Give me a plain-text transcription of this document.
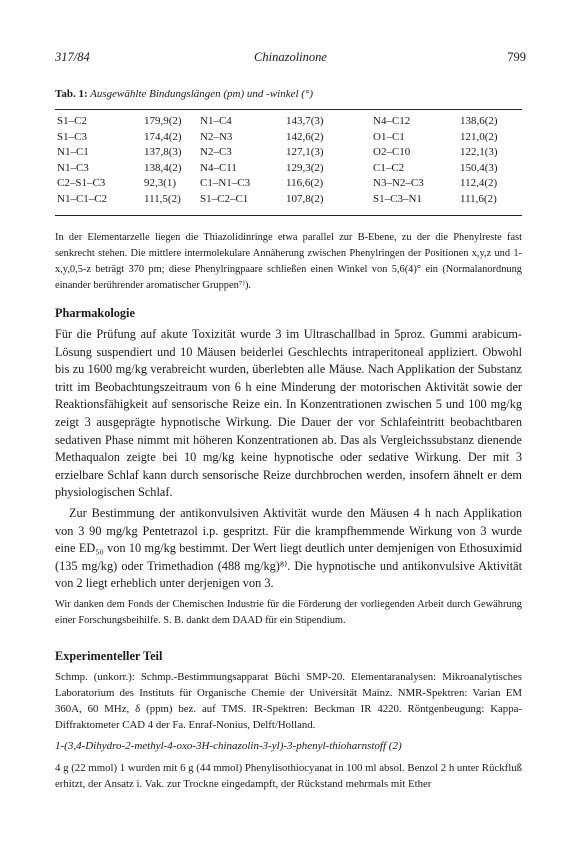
317/84	Chinazolinone	799
Tab. 1: Ausgewählte Bindungslängen (pm) und -winkel (°)
S1–C2	179,9(2) N1–C4	143,7(3)	N4–C12	138,6(2)
S1–C3	174,4(2) N2–N3	142,6(2)	O1–C1	121,0(2)
N1–C1	137,8(3) N2–C3	127,1(3)	O2–C10	122,1(3)
N1–C3	138,4(2) N4–C11	129,3(2)	C1–C2	150,4(3)
C2–S1–C3	92,3(1) C1–N1–C3	116,6(2)	N3–N2–C3	112,4(2)
N1–C1–C2	111,5(2) S1–C2–C1	107,8(2)	S1–C3–N1	111,6(2)

In der Elementarzelle liegen die Thiazolidinringe etwa parallel zur B-Ebene, zu der die Phenylreste fast senkrecht stehen. Die mittlere intermolekulare Annäherung zwischen Phenylringen der Positionen x,y,z und 1-x,y,0,5-z beträgt 370 pm; diese Phenylringpaare schließen einen Winkel von 5,6(4)° ein (Normalanordnung einander berührender aromatischer Gruppen⁷⁾).

Pharmakologie

Für die Prüfung auf akute Toxizität wurde 3 im Ultraschallbad in 5proz. Gummi arabicum-Lösung suspendiert und 10 Mäusen beiderlei Geschlechts intraperitoneal appliziert. Obwohl bis zu 1600 mg/kg verabreicht wurden, überlebten alle Mäuse. Nach Applikation der Substanz tritt im Beobachtungszeitraum von 6 h eine Minderung der motorischen Aktivität sowie der Reaktionsfähigkeit auf sensorische Reize ein. In Konzentrationen zwischen 5 und 100 mg/kg zeigt 3 ausgeprägte hypnotische Wirkung. Die Dauer der vor Schlafeintritt beobachtbaren sedativen Phase nimmt mit höheren Konzentrationen ab. Das als Vergleichssubstanz dienende Methaqualon zeigte bei 10 mg/kg keine hypnotische oder sedative Wirkung. Der mit 3 erzielbare Schlaf kann durch sensorische Reize durchbrochen werden, insofern ähnelt er dem physiologischen Schlaf.

Zur Bestimmung der antikonvulsiven Aktivität wurde den Mäusen 4 h nach Applikation von 3 90 mg/kg Pentetrazol i.p. gespritzt. Für die krampfhemmende Wirkung von 3 wurde eine ED₅₀ von 10 mg/kg bestimmt. Der Wert liegt deutlich unter demjenigen von Ethosuximid (135 mg/kg) oder Trimethadion (488 mg/kg)⁸⁾. Die hypnotische und antikonvulsive Aktivität von 2 liegt erheblich unter derjenigen von 3.

Wir danken dem Fonds der Chemischen Industrie für die Förderung der vorliegenden Arbeit durch Gewährung einer Forschungsbeihilfe. S. B. dankt dem DAAD für ein Stipendium.

Experimenteller Teil

Schmp. (unkorr.): Schmp.-Bestimmungsapparat Büchi SMP-20. Elementaranalysen: Mikroanalytisches Laboratorium des Instituts für Organische Chemie der Universität Mainz. NMR-Spektren: Varian EM 360A, 60 MHz, δ (ppm) bez. auf TMS. IR-Spektren: Beckman IR 4220. Röntgenbeugung: Kappa-Diffraktometer CAD 4 der Fa. Enraf-Nonius, Delft/Holland.

1-(3,4-Dihydro-2-methyl-4-oxo-3H-chinazolin-3-yl)-3-phenyl-thioharnstoff (2)

4 g (22 mmol) 1 wurden mit 6 g (44 mmol) Phenylisothiocyanat in 100 ml absol. Benzol 2 h unter Rückfluß erhitzt, der Ansatz i. Vak. zur Trockne eingedampft, der Rückstand mehrmals mit Ether
